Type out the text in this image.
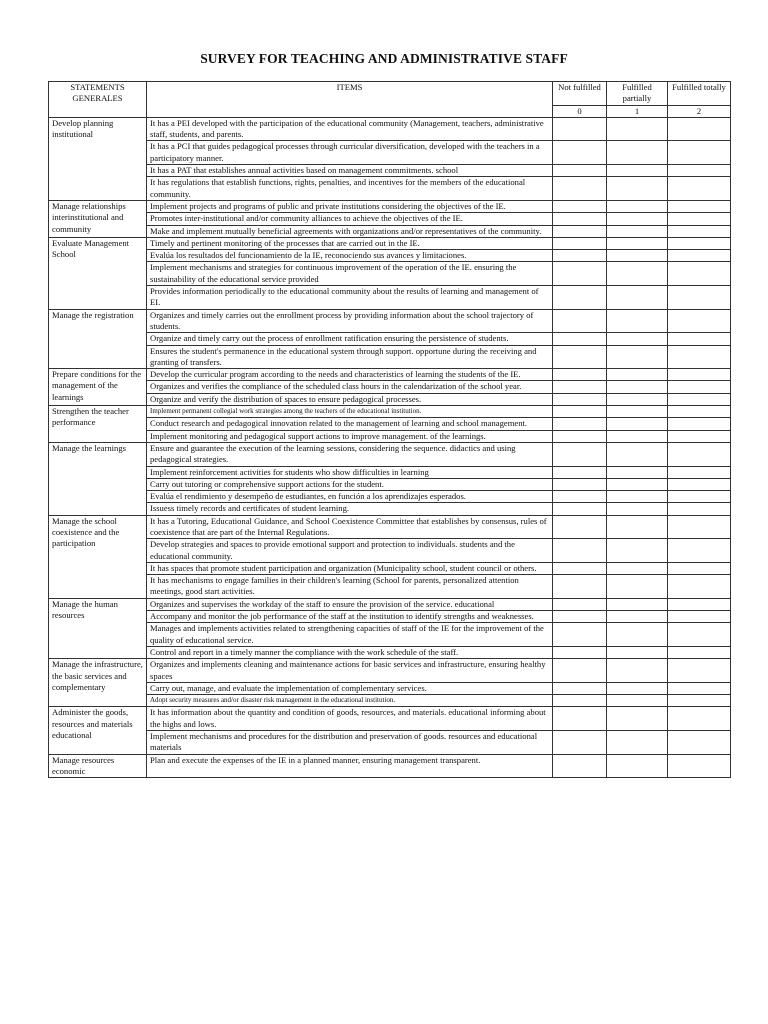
SURVEY FOR TEACHING AND ADMINISTRATIVE STAFF
STATEMENTS GENERALES	ITEMS	Not fulfilled	Fulfilled partially	Fulfilled totally
		0	1	2
Develop planning institutional	It has a PEI developed with the participation of the educational community (Management, teachers, administrative staff, students, and parents.			
	It has a PCI that guides pedagogical processes through curricular diversification, developed with the teachers in a participatory manner.			
	It has a PAT that establishes annual activities based on management commitments. school			
	It has regulations that establish functions, rights, penalties, and incentives for the members of the educational community.			
Manage relationships interinstitutional and community	Implement projects and programs of public and private institutions considering the objectives of the IE.			
	Promotes inter-institutional and/or community alliances to achieve the objectives of the IE.			
	Make and implement mutually beneficial agreements with organizations and/or representatives of the community.			
Evaluate Management School	Timely and pertinent monitoring of the processes that are carried out in the IE.			
	Evalúa los resultados del funcionamiento de la IE, reconociendo sus avances y limitaciones.			
	Implement mechanisms and strategies for continuous improvement of the operation of the IE. ensuring the sustainability of the educational service provided			
	Provides information periodically to the educational community about the results of learning and management of EI.			
Manage the registration	Organizes and timely carries out the enrollment process by providing information about the school trajectory of students.			
	Organize and timely carry out the process of enrollment ratification ensuring the persistence of students.			
	Ensures the student's permanence in the educational system through support. opportune during the receiving and granting of transfers.			
Prepare conditions for the management of the learnings	Develop the curricular program according to the needs and characteristics of learning the students of the IE.			
	Organizes and verifies the compliance of the scheduled class hours in the calendarization of the school year.			
	Organize and verify the distribution of spaces to ensure pedagogical processes.			
Strengthen the teacher performance	Implement permanent collegial work strategies among the teachers of the educational institution.			
	Conduct research and pedagogical innovation related to the management of learning and school management.			
	Implement monitoring and pedagogical support actions to improve management. of the learnings.			
Manage the learnings	Ensure and guarantee the execution of the learning sessions, considering the sequence. didactics and using pedagogical strategies.			
	Implement reinforcement activities for students who show difficulties in learning			
	Carry out tutoring or comprehensive support actions for the student.			
	Evalúa el rendimiento y desempeño de estudiantes, en función a los aprendizajes esperados.			
	Issuess timely records and certificates of student learning.			
Manage the school coexistence and the participation	It has a Tutoring, Educational Guidance, and School Coexistence Committee that establishes by consensus, rules of coexistence that are part of the Internal Regulations.			
	Develop strategies and spaces to provide emotional support and protection to individuals. students and the educational community.			
	It has spaces that promote student participation and organization (Municipality school, student council or others.			
	It has mechanisms to engage families in their children's learning (School for parents, personalized attention meetings, good start activities.			
Manage the human resources	Organizes and supervises the workday of the staff to ensure the provision of the service. educational			
	Accompany and monitor the job performance of the staff at the institution to identify strengths and weaknesses.			
	Manages and implements activities related to strengthening capacities of staff of the IE for the improvement of the quality of educational service.			
	Control and report in a timely manner the compliance with the work schedule of the staff.			
Manage the infrastructure, the basic services and complementary	Organizes and implements cleaning and maintenance actions for basic services and infrastructure, ensuring healthy spaces			
	Carry out, manage, and evaluate the implementation of complementary services.			
	Adopt security measures and/or disaster risk management in the educational institution.			
Administer the goods, resources and materials educational	It has information about the quantity and condition of goods, resources, and materials. educational informing about the highs and lows.			
	Implement mechanisms and procedures for the distribution and preservation of goods. resources and educational materials			
Manage resources economic	Plan and execute the expenses of the IE in a planned manner, ensuring management transparent.			
